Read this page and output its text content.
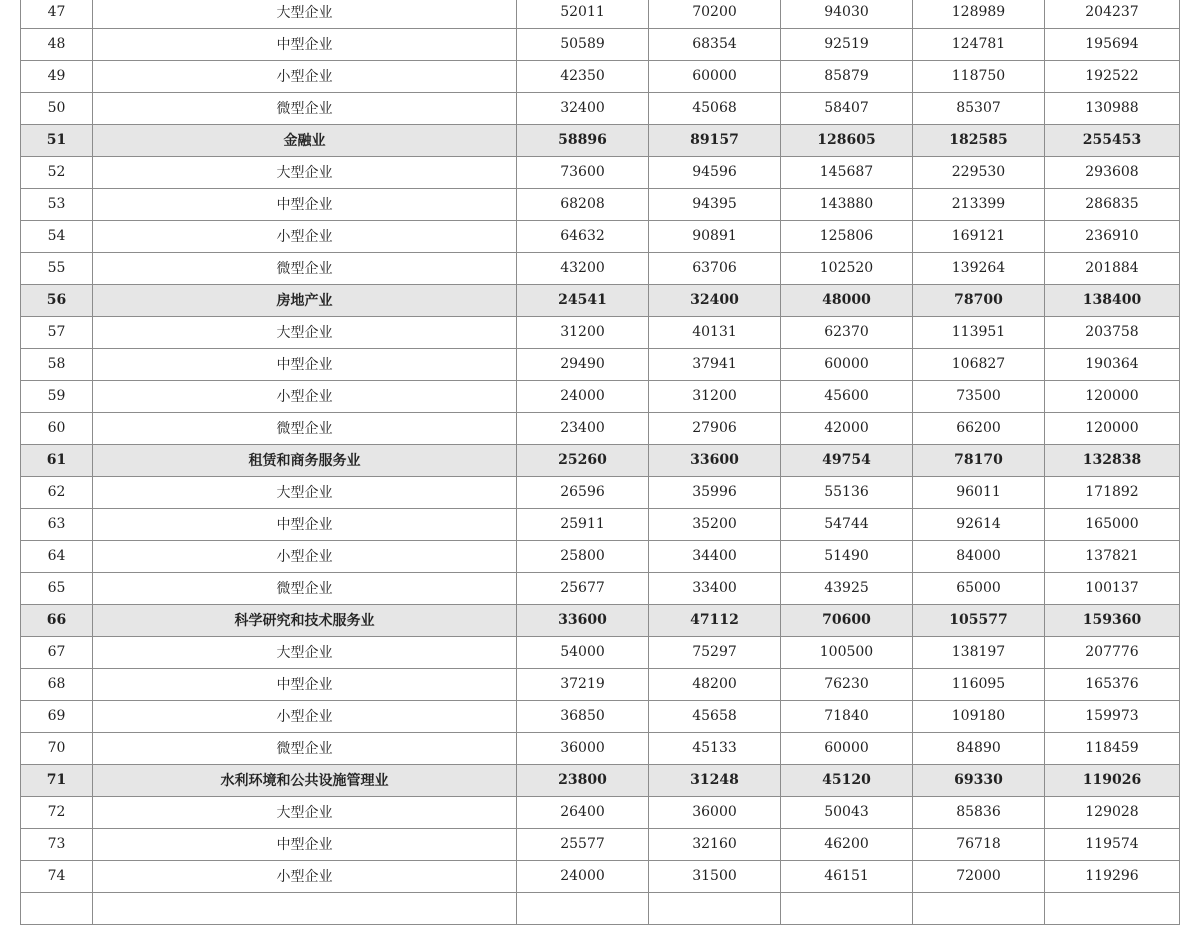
47	大型企业	52011	70200	94030	128989	204237
48	中型企业	50589	68354	92519	124781	195694
49	小型企业	42350	60000	85879	118750	192522
50	微型企业	32400	45068	58407	85307	130988
51	金融业	58896	89157	128605	182585	255453
52	大型企业	73600	94596	145687	229530	293608
53	中型企业	68208	94395	143880	213399	286835
54	小型企业	64632	90891	125806	169121	236910
55	微型企业	43200	63706	102520	139264	201884
56	房地产业	24541	32400	48000	78700	138400
57	大型企业	31200	40131	62370	113951	203758
58	中型企业	29490	37941	60000	106827	190364
59	小型企业	24000	31200	45600	73500	120000
60	微型企业	23400	27906	42000	66200	120000
61	租赁和商务服务业	25260	33600	49754	78170	132838
62	大型企业	26596	35996	55136	96011	171892
63	中型企业	25911	35200	54744	92614	165000
64	小型企业	25800	34400	51490	84000	137821
65	微型企业	25677	33400	43925	65000	100137
66	科学研究和技术服务业	33600	47112	70600	105577	159360
67	大型企业	54000	75297	100500	138197	207776
68	中型企业	37219	48200	76230	116095	165376
69	小型企业	36850	45658	71840	109180	159973
70	微型企业	36000	45133	60000	84890	118459
71	水利环境和公共设施管理业	23800	31248	45120	69330	119026
72	大型企业	26400	36000	50043	85836	129028
73	中型企业	25577	32160	46200	76718	119574
74	小型企业	24000	31500	46151	72000	119296
